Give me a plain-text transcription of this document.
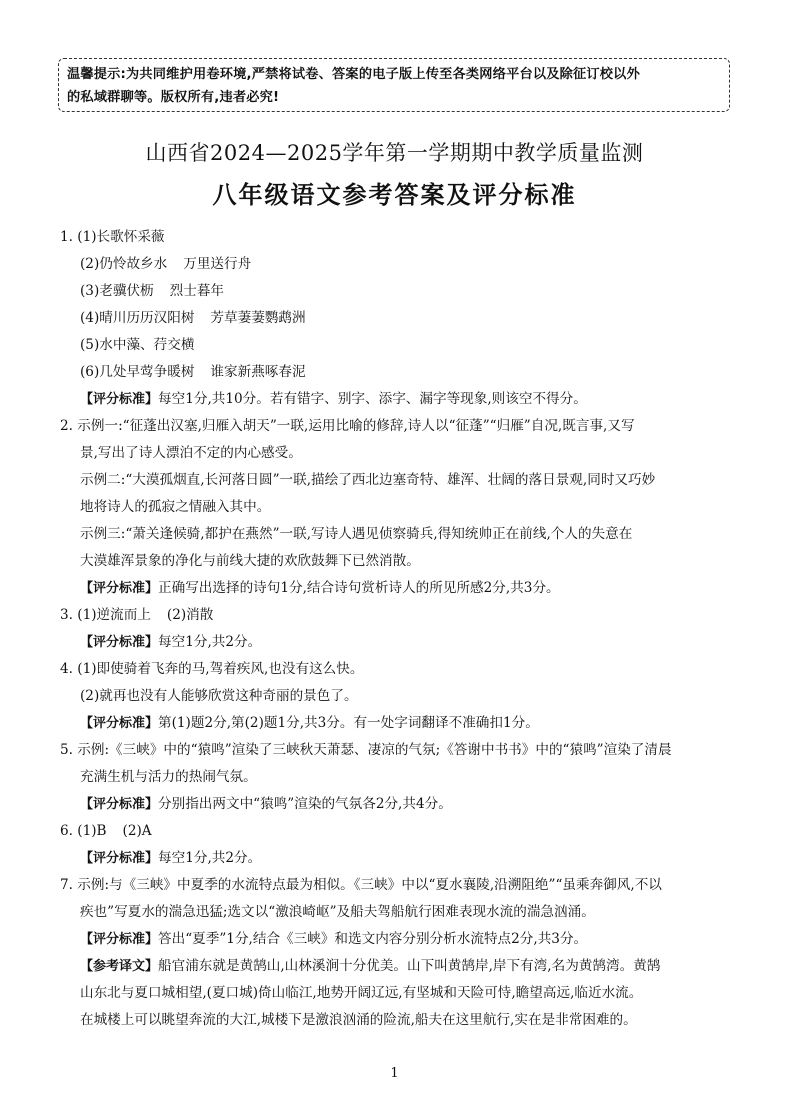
温馨提示:为共同维护用卷环境,严禁将试卷、答案的电子版上传至各类网络平台以及除征订校以外
的私域群聊等。版权所有,违者必究!
山西省2024—2025学年第一学期期中教学质量监测
八年级语文参考答案及评分标准
1. (1)长歌怀采薇
(2)仍怜故乡水 万里送行舟
(3)老骥伏枥 烈士暮年
(4)晴川历历汉阳树 芳草萋萋鹦鹉洲
(5)水中藻、荇交横
(6)几处早莺争暖树 谁家新燕啄春泥
【评分标准】每空1分,共10分。若有错字、别字、添字、漏字等现象,则该空不得分。
2. 示例一:“征蓬出汉塞,归雁入胡天”一联,运用比喻的修辞,诗人以“征蓬”“归雁”自况,既言事,又写
景,写出了诗人漂泊不定的内心感受。
示例二:“大漠孤烟直,长河落日圆”一联,描绘了西北边塞奇特、雄浑、壮阔的落日景观,同时又巧妙
地将诗人的孤寂之情融入其中。
示例三:“萧关逢候骑,都护在燕然”一联,写诗人遇见侦察骑兵,得知统帅正在前线,个人的失意在
大漠雄浑景象的净化与前线大捷的欢欣鼓舞下已然消散。
【评分标准】正确写出选择的诗句1分,结合诗句赏析诗人的所见所感2分,共3分。
3. (1)逆流而上 (2)消散
【评分标准】每空1分,共2分。
4. (1)即使骑着飞奔的马,驾着疾风,也没有这么快。
(2)就再也没有人能够欣赏这种奇丽的景色了。
【评分标准】第(1)题2分,第(2)题1分,共3分。有一处字词翻译不准确扣1分。
5. 示例:《三峡》中的“猿鸣”渲染了三峡秋天萧瑟、凄凉的气氛;《答谢中书书》中的“猿鸣”渲染了清晨
充满生机与活力的热闹气氛。
【评分标准】分别指出两文中“猿鸣”渲染的气氛各2分,共4分。
6. (1)B (2)A
【评分标准】每空1分,共2分。
7. 示例:与《三峡》中夏季的水流特点最为相似。《三峡》中以“夏水襄陵,沿溯阻绝”“虽乘奔御风,不以
疾也”写夏水的湍急迅猛;选文以“激浪崎岖”及船夫驾船航行困难表现水流的湍急汹涌。
【评分标准】答出“夏季”1分,结合《三峡》和选文内容分别分析水流特点2分,共3分。
【参考译文】船官浦东就是黄鹄山,山林溪涧十分优美。山下叫黄鹄岸,岸下有湾,名为黄鹄湾。黄鹄
山东北与夏口城相望,(夏口城)倚山临江,地势开阔辽远,有坚城和天险可恃,瞻望高远,临近水流。
在城楼上可以眺望奔流的大江,城楼下是激浪汹涌的险流,船夫在这里航行,实在是非常困难的。
1
